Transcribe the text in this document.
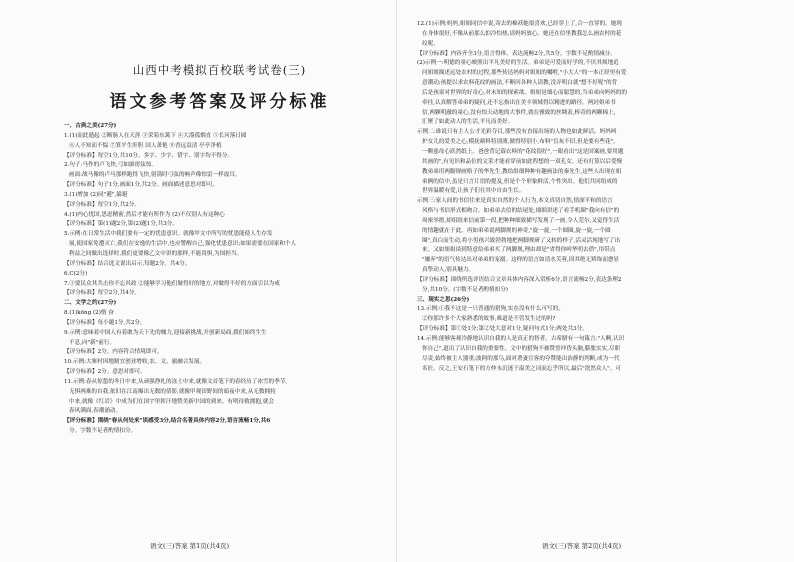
山西中考模拟百校联考试卷(三)
语文参考答案及评分标准
一、古典之美(27分)
1.(1)而此遁起 ②断肠人在天涯 ③采菊东篱下 ④大漠孤烟直 ⑤长河落日圆
⑥人不知而不愠 ⑦箕平生肝胆 国人萧艳 ⑧香远益清 亭亭净植
【评分标准】每空1分,共10分。多字、少字、错字、别字均不得分。
2.句子:马作的卢飞快,弓如霹雳弦惊。
画面:战马像的卢马那样跑得飞快,射箭时弓弦的响声像惊雷一样震耳。
【评分标准】句子1分,画面1分,共2分。画面描述意思对即可。
3.(1)增加 (2)同"避",躲避
【评分标准】每空1分,共2分。
4.(1)内心忧国,思虑精密,然后才能有所作为 (2)不仅别人有这种心
【评分标准】第(1)题2分,第(2)题1分,共3分。
5.示例:在日常生活中我们要有一定的忧患意识。就像甲文中所写的忧患能使人生存发
展,使国家免遭灭亡,我们在安逸的生活中,也应警醒自己,强化忧患意识;如果需要在国家和个人
利益之间做出选择时,我们更要像乙文中讲的那样,不能畏惧,为国担当。
【评分标准】结合选文说出启示,每题2分。共4分。
6.C(2分)
7.①要民众其共击你不忘其政 ②能够学习他们做得好的地方,对做得不好的方面引以为戒
【评分标准】每空2分,共4分。
二、文学之约(27分)
8.(1)kōng (2)惰 奋
【评分标准】每小题1分,共2分。
9.示例:意味着中国人有着敢为天下先的魄力,迎接新挑战,开创新局面,我们始终生生
不息,向"新"前行。
【评分标准】2分。内容符合情境即可。
10.示例:大寨村因地制宜创业增收,农、文、旅融合发展。
【评分标准】2分。意思对即可。
11.示例:春从惊蛰的冬日中来,从顽强挣扎的冻土中来,就像文首笔下的春经历了冰雪的季节,
无惧两难的自我,依旧在江南爆出无数的倩影,就像甲观田野间的暗夜中来,从无数拥持
中来,就像《红岩》中成为们在国宇里挥汗地赞美新中国的到来。有明待救拥抱,就会
春风满面,春潮涌动。
【评分标准】围绕"春从何处来"谈感受3分,结合名著具体内容2分,语言流畅1分,共6
分。字数不足者酌情扣分。
语文(三)答案 第1页(共4页)
12.(1)示例:妈妈,姐姐同信中说,寄去的棉袄她很喜欢,已经穿上了,合一直穿的。她现
在身体很好,不像从前那么怕冷怕热,请妈妈放心。她还在信里教我怎么画农村的花
纹呢。
【评分标准】内容齐全3分,语言得体、表达流畅2分,共5分。字数不足酌情减分。
(2)示例一:明德的童心映照出平凡美好的生活。弟弟是可爱而好学的,不厌其烦地追
问姐姐描述远处农村的过程,那些传达妈妈对姐姐的嘱咐,"小大人"的一本正经里有爱
意潮动;孩提以求农料花纹的画法,不断问各种人请教,没弄明白就"想不好呢"的背
后是孩童对世界的好奇心,对未知的探索欲。姐姐是细心而聪慧的,当弟弟向妈妈的的
牵挂,认真解答弟弟的疑问,还不忘指出在美丰领域得以精进的路径。两封姐弟书
信,两颗明澈的童心,没有惊天动地的大事件,就在雅致的丝绸表,棒奇的两颗棉上,
汇聚了如此动人的生活,平凡而美好。
示例二:谁说只有主人公才光彩夺目,那些没有直接出场的人物也如此鲜活。妈妈呵
护女儿的爱美之心,模抚颜料特别薄,做得特别小,布料"盲灰不旧,但是要有些花",
一颗慈母心跃然纸上。爸爸背记载衣料的"花纹很好",一眼看出"这是国案画,要用题
其画的",有见识和品位的文采才能看穿前如此程想的一双孔女。还有打算以后爱慢
教弟弟用两脚规画格子的华先生,教给组细种种有趣画法的秦先生,这些人出现在姐
弟俩的信中,虽是只言片语的提及,但是个个形象鲜活,个性突出。他们共同组成的
世界温暖有爱,让孩子们在其中自由生长。
示例三:家人间的书信往来是真实自然的个人行为,本文真切自然,情深平和的语言
风格与书信形式相吻合。如弟弟去信的结尾处,细细讲述了看手机圈"我向有信"的
周密举措,却组组来信前第一段,把种种细致描写发现了一画,令人莞尔,又觉得生活
的情趣就在于此。再如弟弟说两脚规的神奇,"旋一旋,一个圆圈,旋一旋,一个圆
圈",真白而生动,将小男孩兴致勃勃地把两脚规研了又转的样子,活灵活现地写了出
来。又如姐姐谈到特意给弟弟买了两脚规,理由却是"省得你呵华明去借",用带点
"嫌弃"的语气传达出对弟弟的宠溺。这样的语言如清水芙蓉,因其绝无矫饰而愈显
真挚动人,别具魅力。
【评分标准】围绕所选评语结合文章具体内容深入赏析6分,语言流畅2分,表达条理2
分,共10分。(字数不足者酌情扣分)
三、现实之思(26分)
13.示例:①我不这是一只普通的猎狗,实在没有什么可写的。
②你那许多个大家熟悉的故事,难道是不管发生过的吗?
【评分标准】第①处1分;第②处大意对1分,疑问句式1分;两处共3分。
14.示例:能够客观冷静地认识自我的人是真正的智者。古希腊有一句箴言:"人啊,认识
你自己",道出了认识自我的重要性。文中的猎狗不被赞誉冲昏头脑,膨胀实实,尽职
尽责,始终被主人器重;波阿的那乌,面对著妻宣客的夸赞能出治静的判断,成为一代
名匠。反之,王安石笔下的方仲永沉迷于溢美之词而忘乎所以,最后"泯然众人"。可
语文(三)答案 第2页(共4页)
